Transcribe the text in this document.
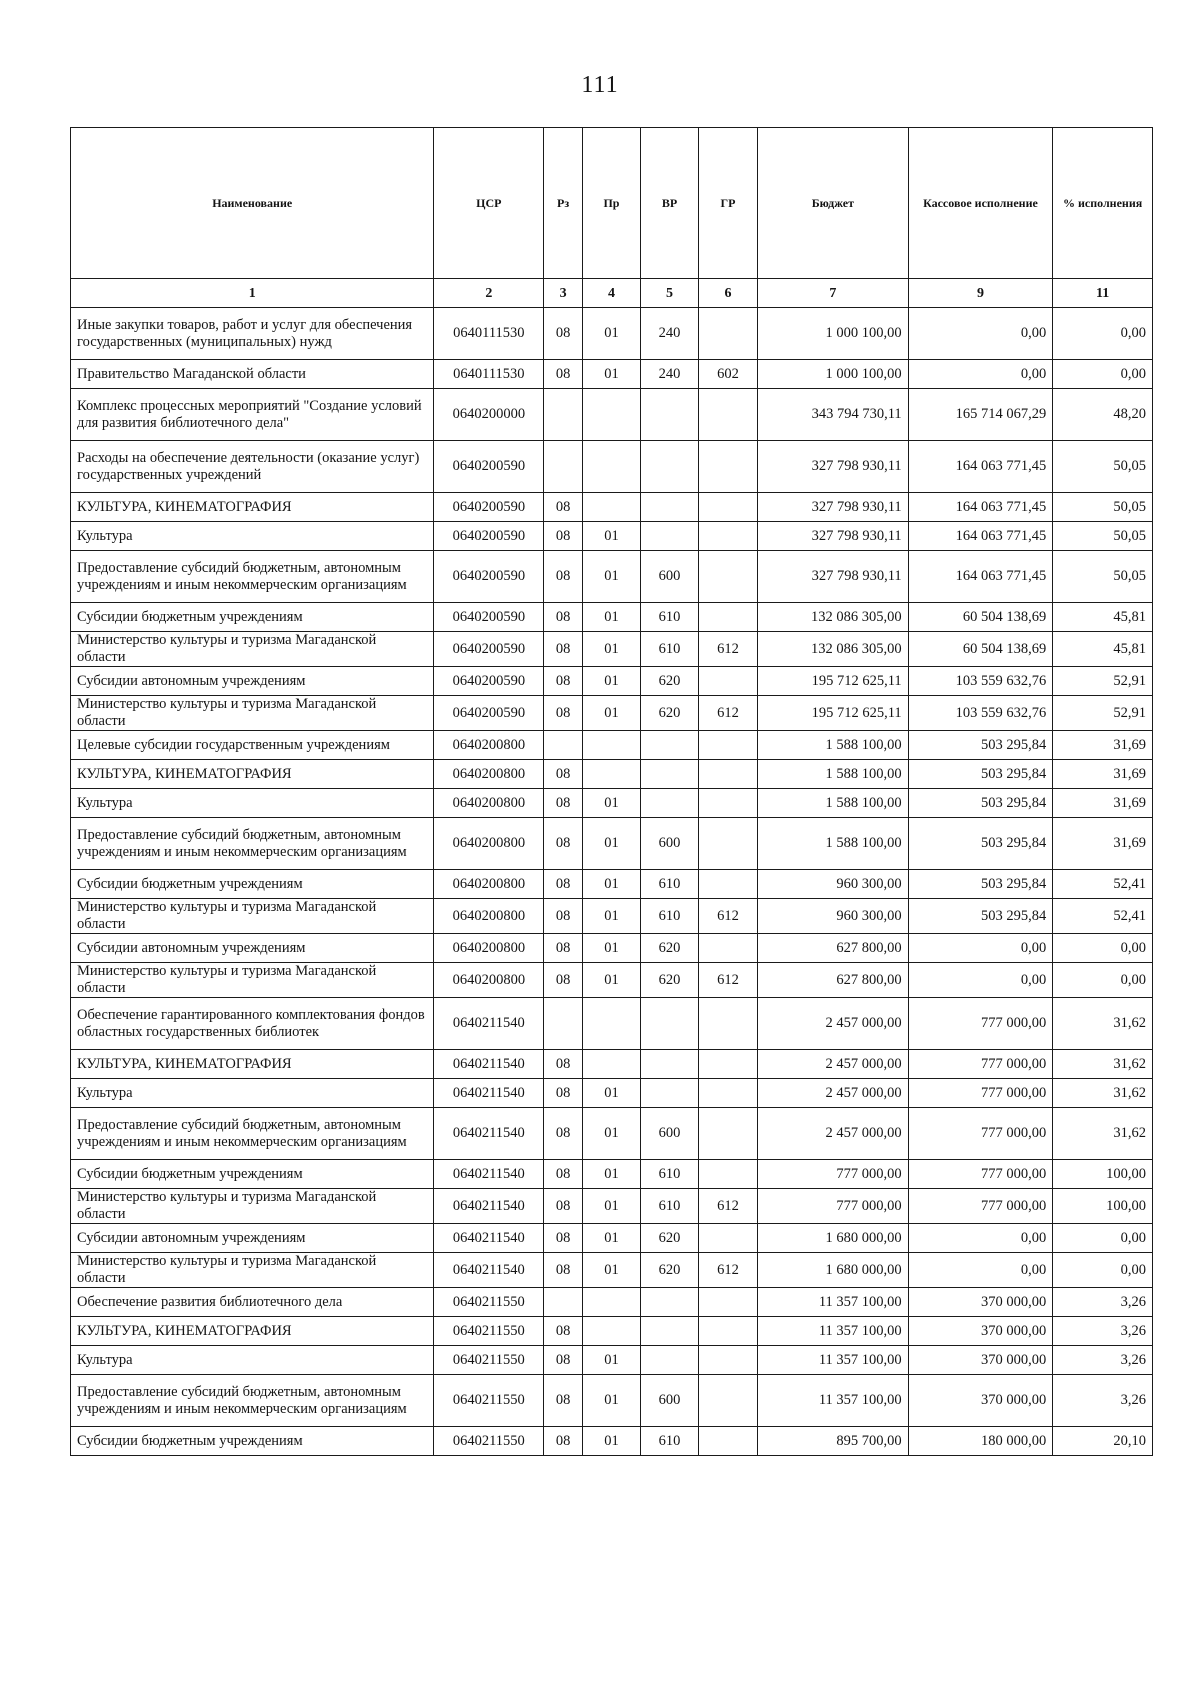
111
Наименование	ЦСР	Рз	Пр	ВР	ГР	Бюджет	Кассовое исполнение	% исполнения
1	2	3	4	5	6	7	9	11
Иные закупки товаров, работ и услуг для обеспечения государственных (муниципальных) нужд	0640111530	08	01	240		1 000 100,00	0,00	0,00
Правительство Магаданской области	0640111530	08	01	240	602	1 000 100,00	0,00	0,00
Комплекс процессных мероприятий "Создание условий для развития библиотечного дела"	0640200000					343 794 730,11	165 714 067,29	48,20
Расходы на обеспечение деятельности (оказание услуг) государственных учреждений	0640200590					327 798 930,11	164 063 771,45	50,05
КУЛЬТУРА, КИНЕМАТОГРАФИЯ	0640200590	08				327 798 930,11	164 063 771,45	50,05
Культура	0640200590	08	01			327 798 930,11	164 063 771,45	50,05
Предоставление субсидий бюджетным, автономным учреждениям и иным некоммерческим организациям	0640200590	08	01	600		327 798 930,11	164 063 771,45	50,05
Субсидии бюджетным учреждениям	0640200590	08	01	610		132 086 305,00	60 504 138,69	45,81
Министерство культуры и туризма Магаданской области	0640200590	08	01	610	612	132 086 305,00	60 504 138,69	45,81
Субсидии автономным учреждениям	0640200590	08	01	620		195 712 625,11	103 559 632,76	52,91
Министерство культуры и туризма Магаданской области	0640200590	08	01	620	612	195 712 625,11	103 559 632,76	52,91
Целевые субсидии государственным учреждениям	0640200800					1 588 100,00	503 295,84	31,69
КУЛЬТУРА, КИНЕМАТОГРАФИЯ	0640200800	08				1 588 100,00	503 295,84	31,69
Культура	0640200800	08	01			1 588 100,00	503 295,84	31,69
Предоставление субсидий бюджетным, автономным учреждениям и иным некоммерческим организациям	0640200800	08	01	600		1 588 100,00	503 295,84	31,69
Субсидии бюджетным учреждениям	0640200800	08	01	610		960 300,00	503 295,84	52,41
Министерство культуры и туризма Магаданской области	0640200800	08	01	610	612	960 300,00	503 295,84	52,41
Субсидии автономным учреждениям	0640200800	08	01	620		627 800,00	0,00	0,00
Министерство культуры и туризма Магаданской области	0640200800	08	01	620	612	627 800,00	0,00	0,00
Обеспечение гарантированного комплектования фондов областных государственных библиотек	0640211540					2 457 000,00	777 000,00	31,62
КУЛЬТУРА, КИНЕМАТОГРАФИЯ	0640211540	08				2 457 000,00	777 000,00	31,62
Культура	0640211540	08	01			2 457 000,00	777 000,00	31,62
Предоставление субсидий бюджетным, автономным учреждениям и иным некоммерческим организациям	0640211540	08	01	600		2 457 000,00	777 000,00	31,62
Субсидии бюджетным учреждениям	0640211540	08	01	610		777 000,00	777 000,00	100,00
Министерство культуры и туризма Магаданской области	0640211540	08	01	610	612	777 000,00	777 000,00	100,00
Субсидии автономным учреждениям	0640211540	08	01	620		1 680 000,00	0,00	0,00
Министерство культуры и туризма Магаданской области	0640211540	08	01	620	612	1 680 000,00	0,00	0,00
Обеспечение развития библиотечного дела	0640211550					11 357 100,00	370 000,00	3,26
КУЛЬТУРА, КИНЕМАТОГРАФИЯ	0640211550	08				11 357 100,00	370 000,00	3,26
Культура	0640211550	08	01			11 357 100,00	370 000,00	3,26
Предоставление субсидий бюджетным, автономным учреждениям и иным некоммерческим организациям	0640211550	08	01	600		11 357 100,00	370 000,00	3,26
Субсидии бюджетным учреждениям	0640211550	08	01	610		895 700,00	180 000,00	20,10
